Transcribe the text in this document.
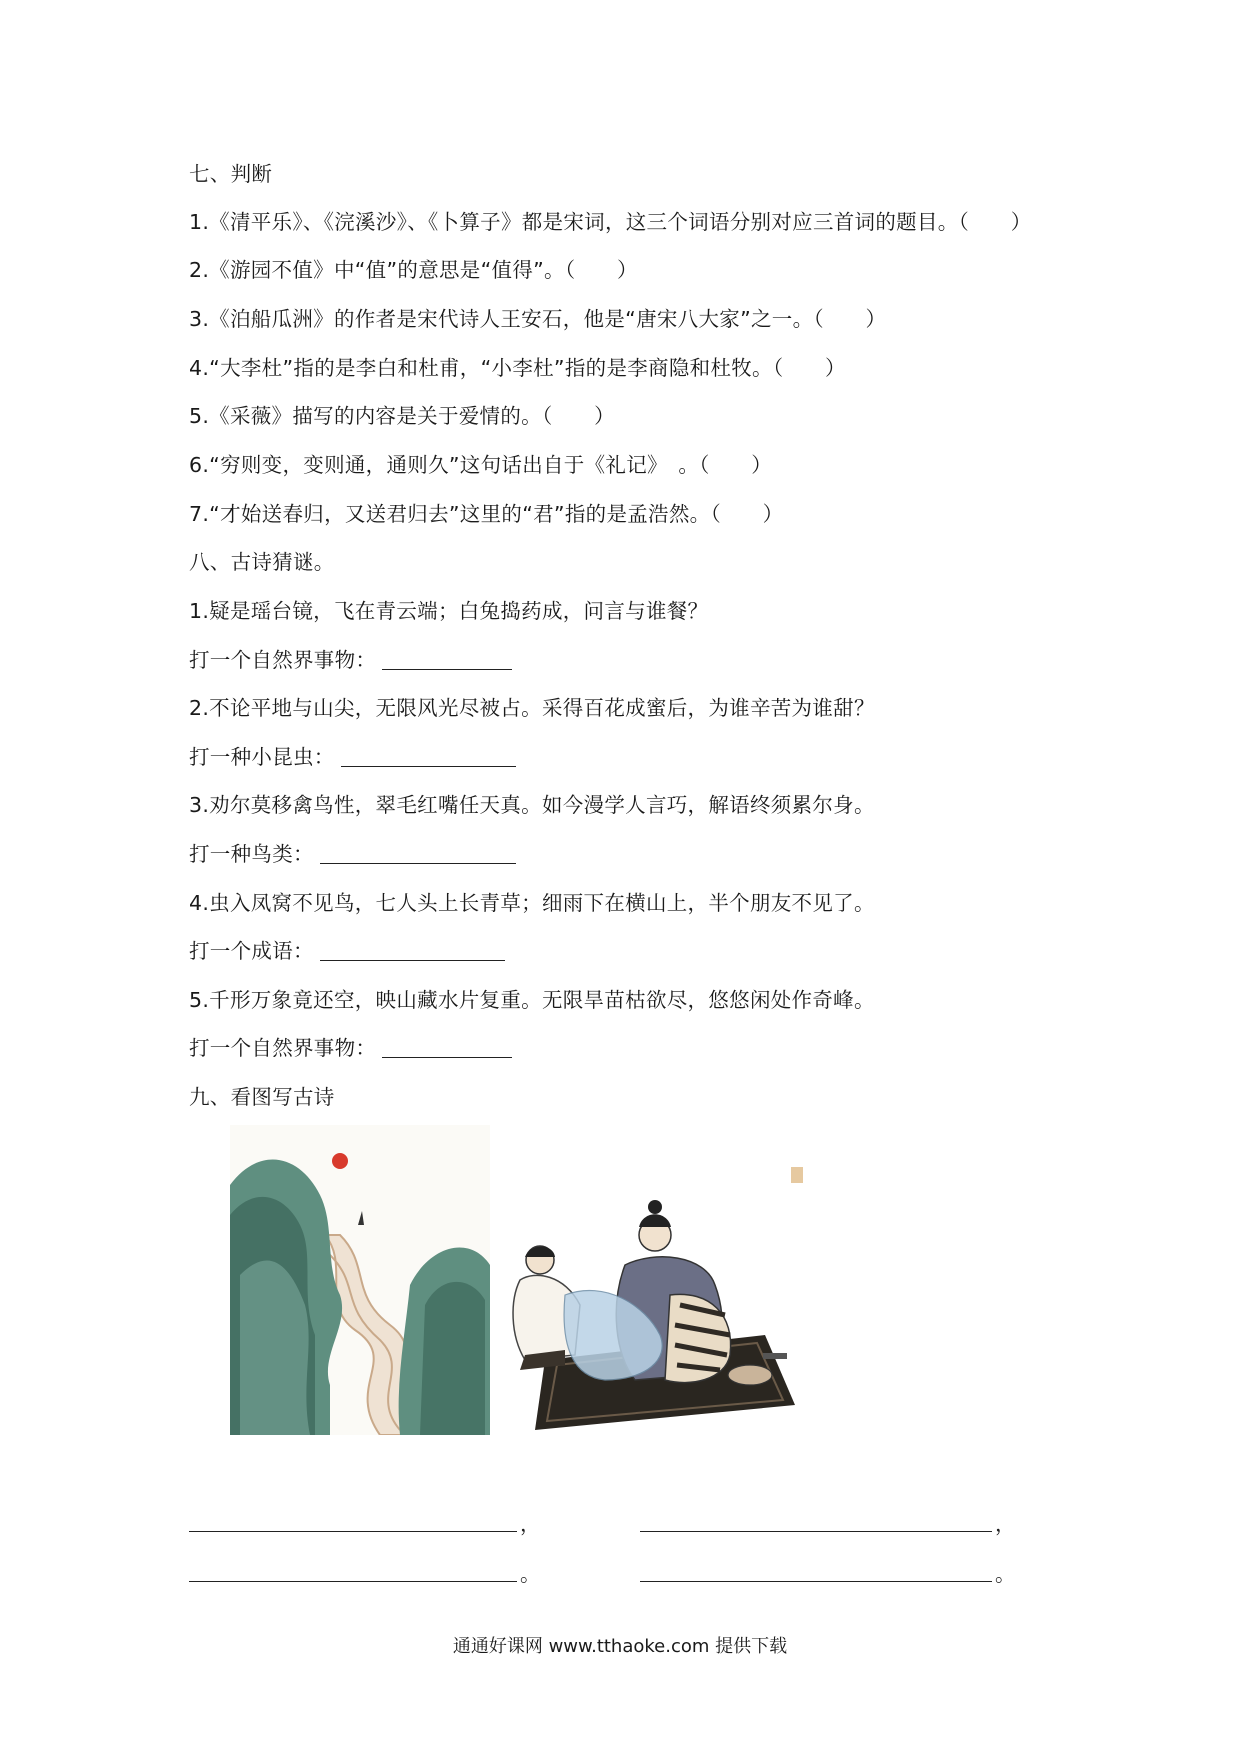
七、判断
1.《清平乐》、《浣溪沙》、《卜算子》都是宋词，这三个词语分别对应三首词的题目。（　　）
2.《游园不值》中“值”的意思是“值得”。（　　）
3.《泊船瓜洲》的作者是宋代诗人王安石，他是“唐宋八大家”之一。（　　）
4.“大李杜”指的是李白和杜甫，“小李杜”指的是李商隐和杜牧。（　　）
5.《采薇》描写的内容是关于爱情的。（　　）
6.“穷则变，变则通，通则久”这句话出自于《礼记》　。（　　）
7.“才始送春归，又送君归去”这里的“君”指的是孟浩然。（　　）
八、古诗猜谜。
1.疑是瑶台镜，飞在青云端；白兔捣药成，问言与谁餐？
打一个自然界事物：
2.不论平地与山尖，无限风光尽被占。采得百花成蜜后，为谁辛苦为谁甜？
打一种小昆虫：
3.劝尔莫移禽鸟性，翠毛红嘴任天真。如今漫学人言巧，解语终须累尔身。
打一种鸟类：
4.虫入凤窝不见鸟，七人头上长青草；细雨下在横山上，半个朋友不见了。
打一个成语：
5.千形万象竟还空，映山藏水片复重。无限旱苗枯欲尽，悠悠闲处作奇峰。
打一个自然界事物：
九、看图写古诗
，	，
。	。
通通好课网 www.tthaoke.com 提供下载
